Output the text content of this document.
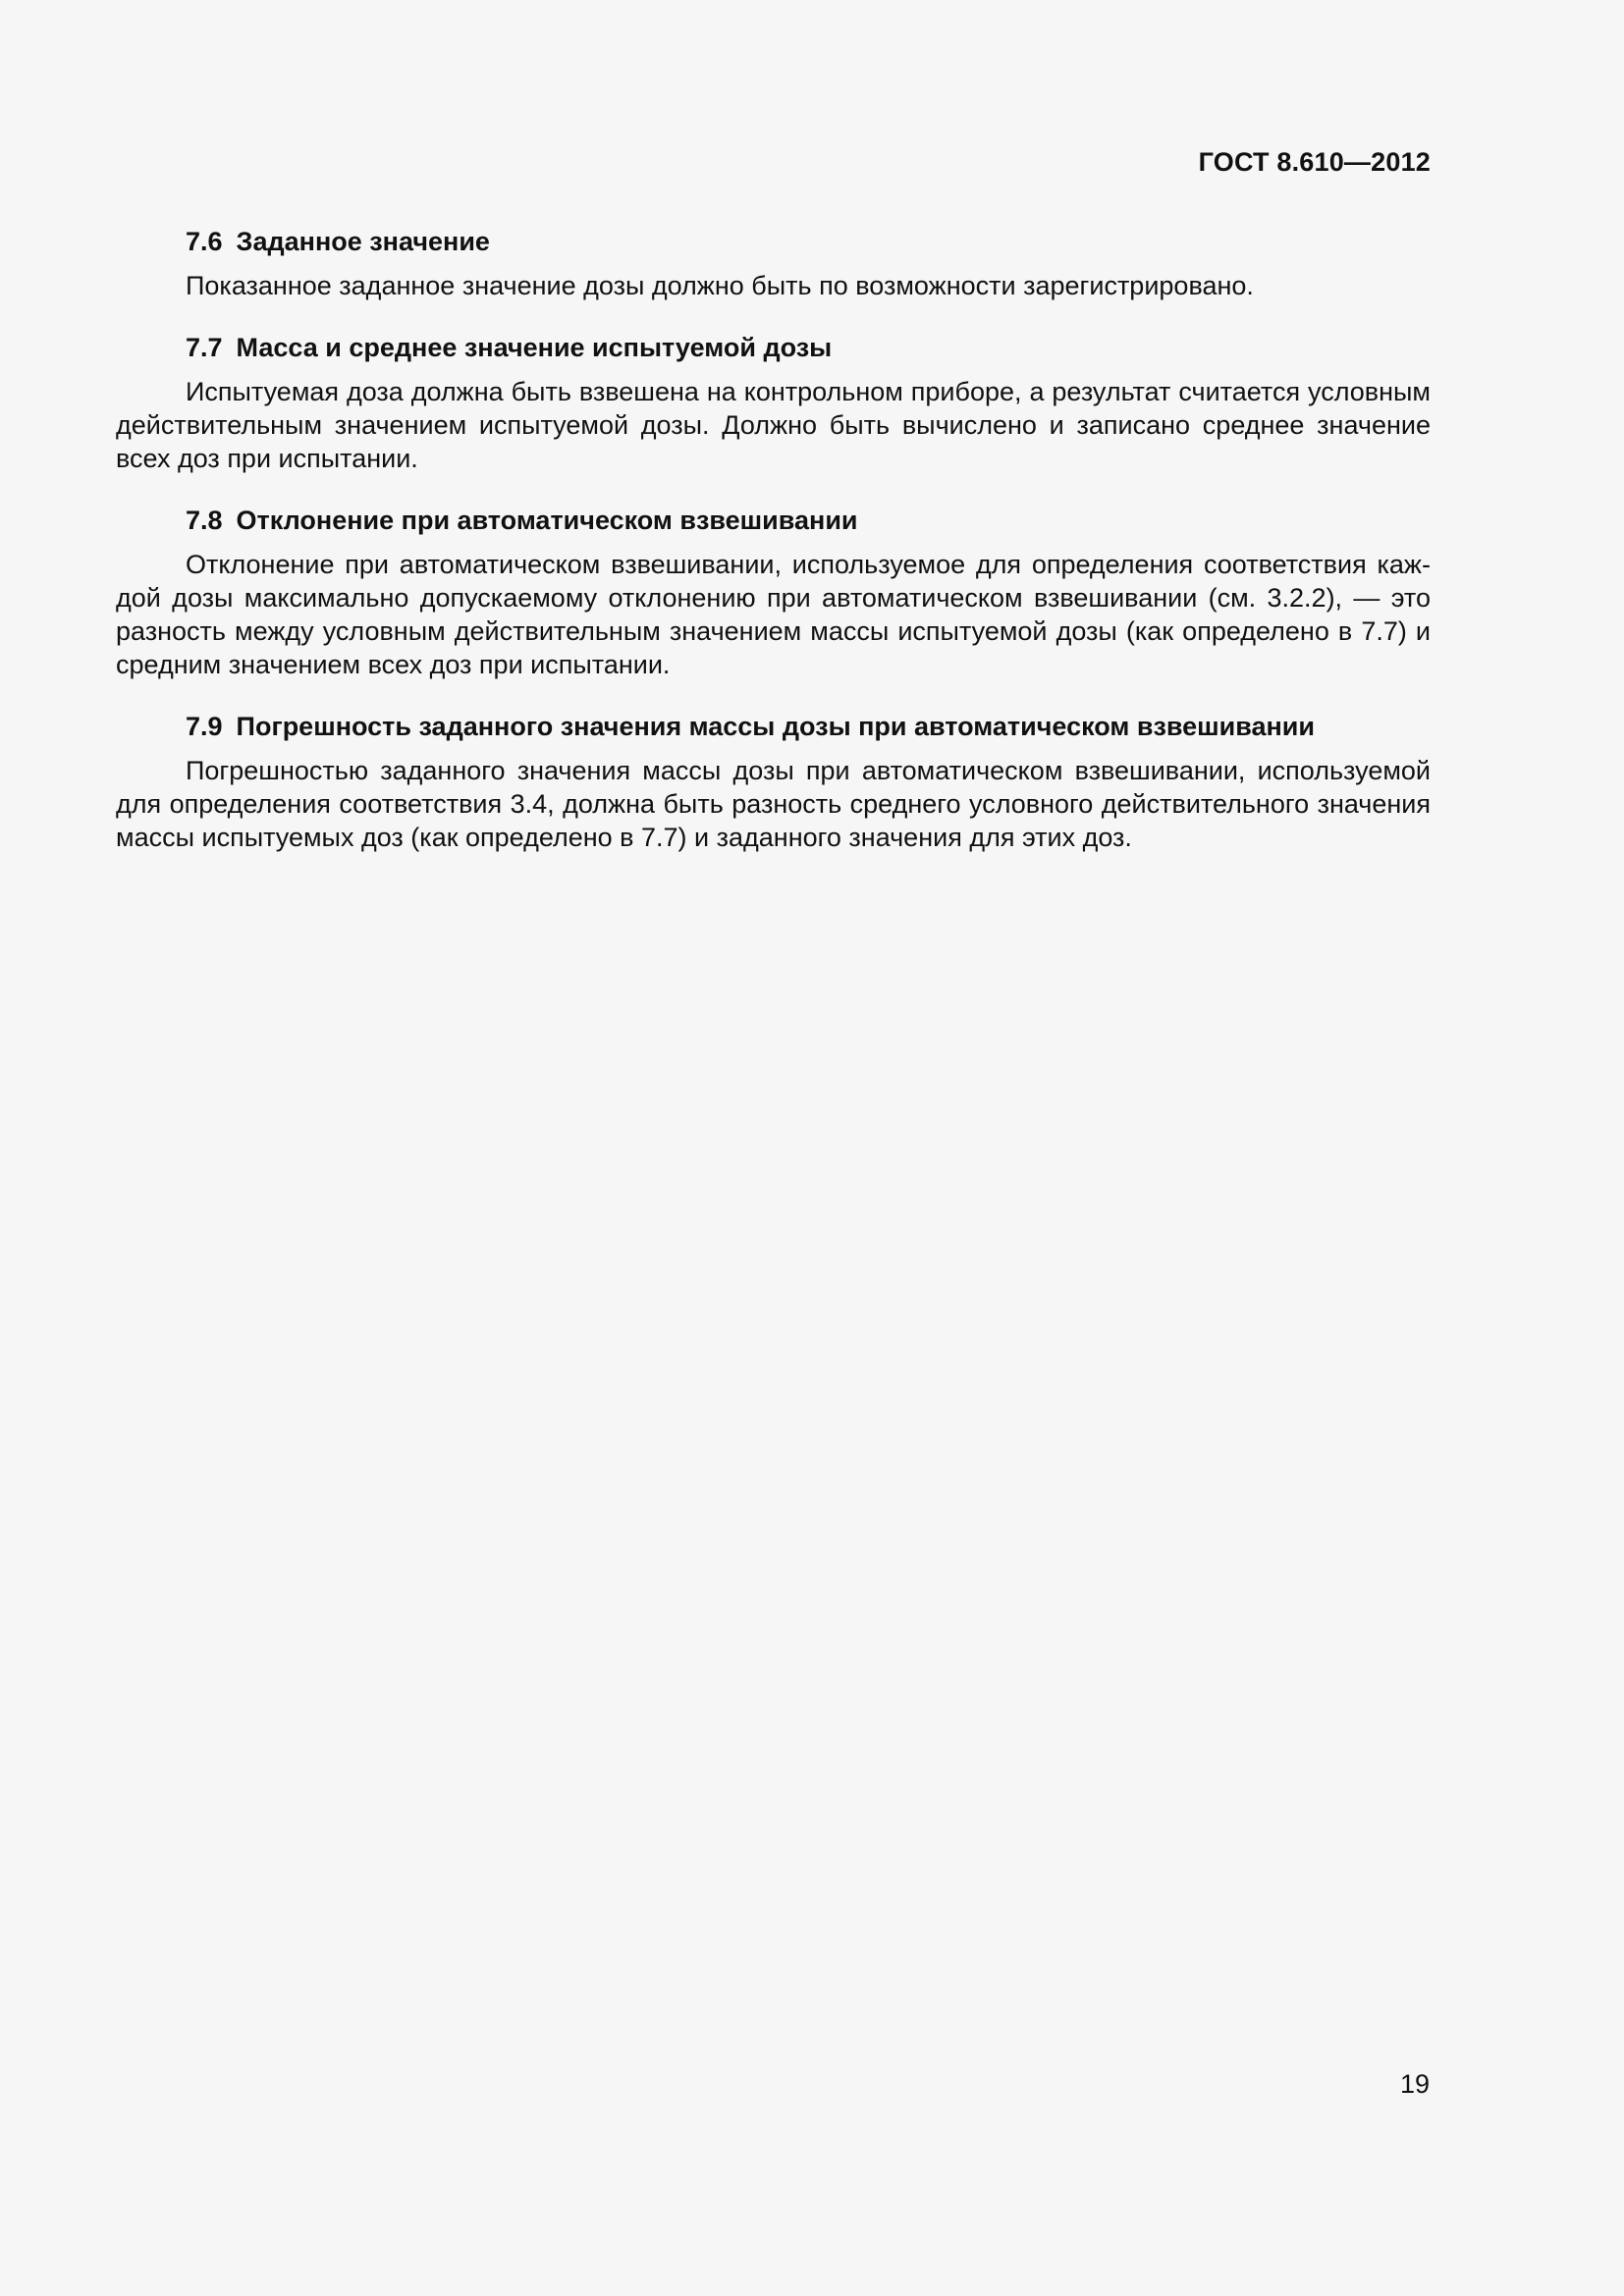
ГОСТ 8.610—2012
7.6 Заданное значение

Показанное заданное значение дозы должно быть по возможности зарегистрировано.

7.7 Масса и среднее значение испытуемой дозы

Испытуемая доза должна быть взвешена на контрольном приборе, а результат считается условным действительным значением испытуемой дозы. Должно быть вычислено и записано среднее значение всех доз при испытании.

7.8 Отклонение при автоматическом взвешивании

Отклонение при автоматическом взвешивании, используемое для определения соответствия каждой дозы максимально допускаемому отклонению при автоматическом взвешивании (см. 3.2.2), — это разность между условным действительным значением массы испытуемой дозы (как определено в 7.7) и средним значением всех доз при испытании.

7.9 Погрешность заданного значения массы дозы при автоматическом взвешивании

Погрешностью заданного значения массы дозы при автоматическом взвешивании, используемой для определения соответствия 3.4, должна быть разность среднего условного действительного значения массы испытуемых доз (как определено в 7.7) и заданного значения для этих доз.

19
